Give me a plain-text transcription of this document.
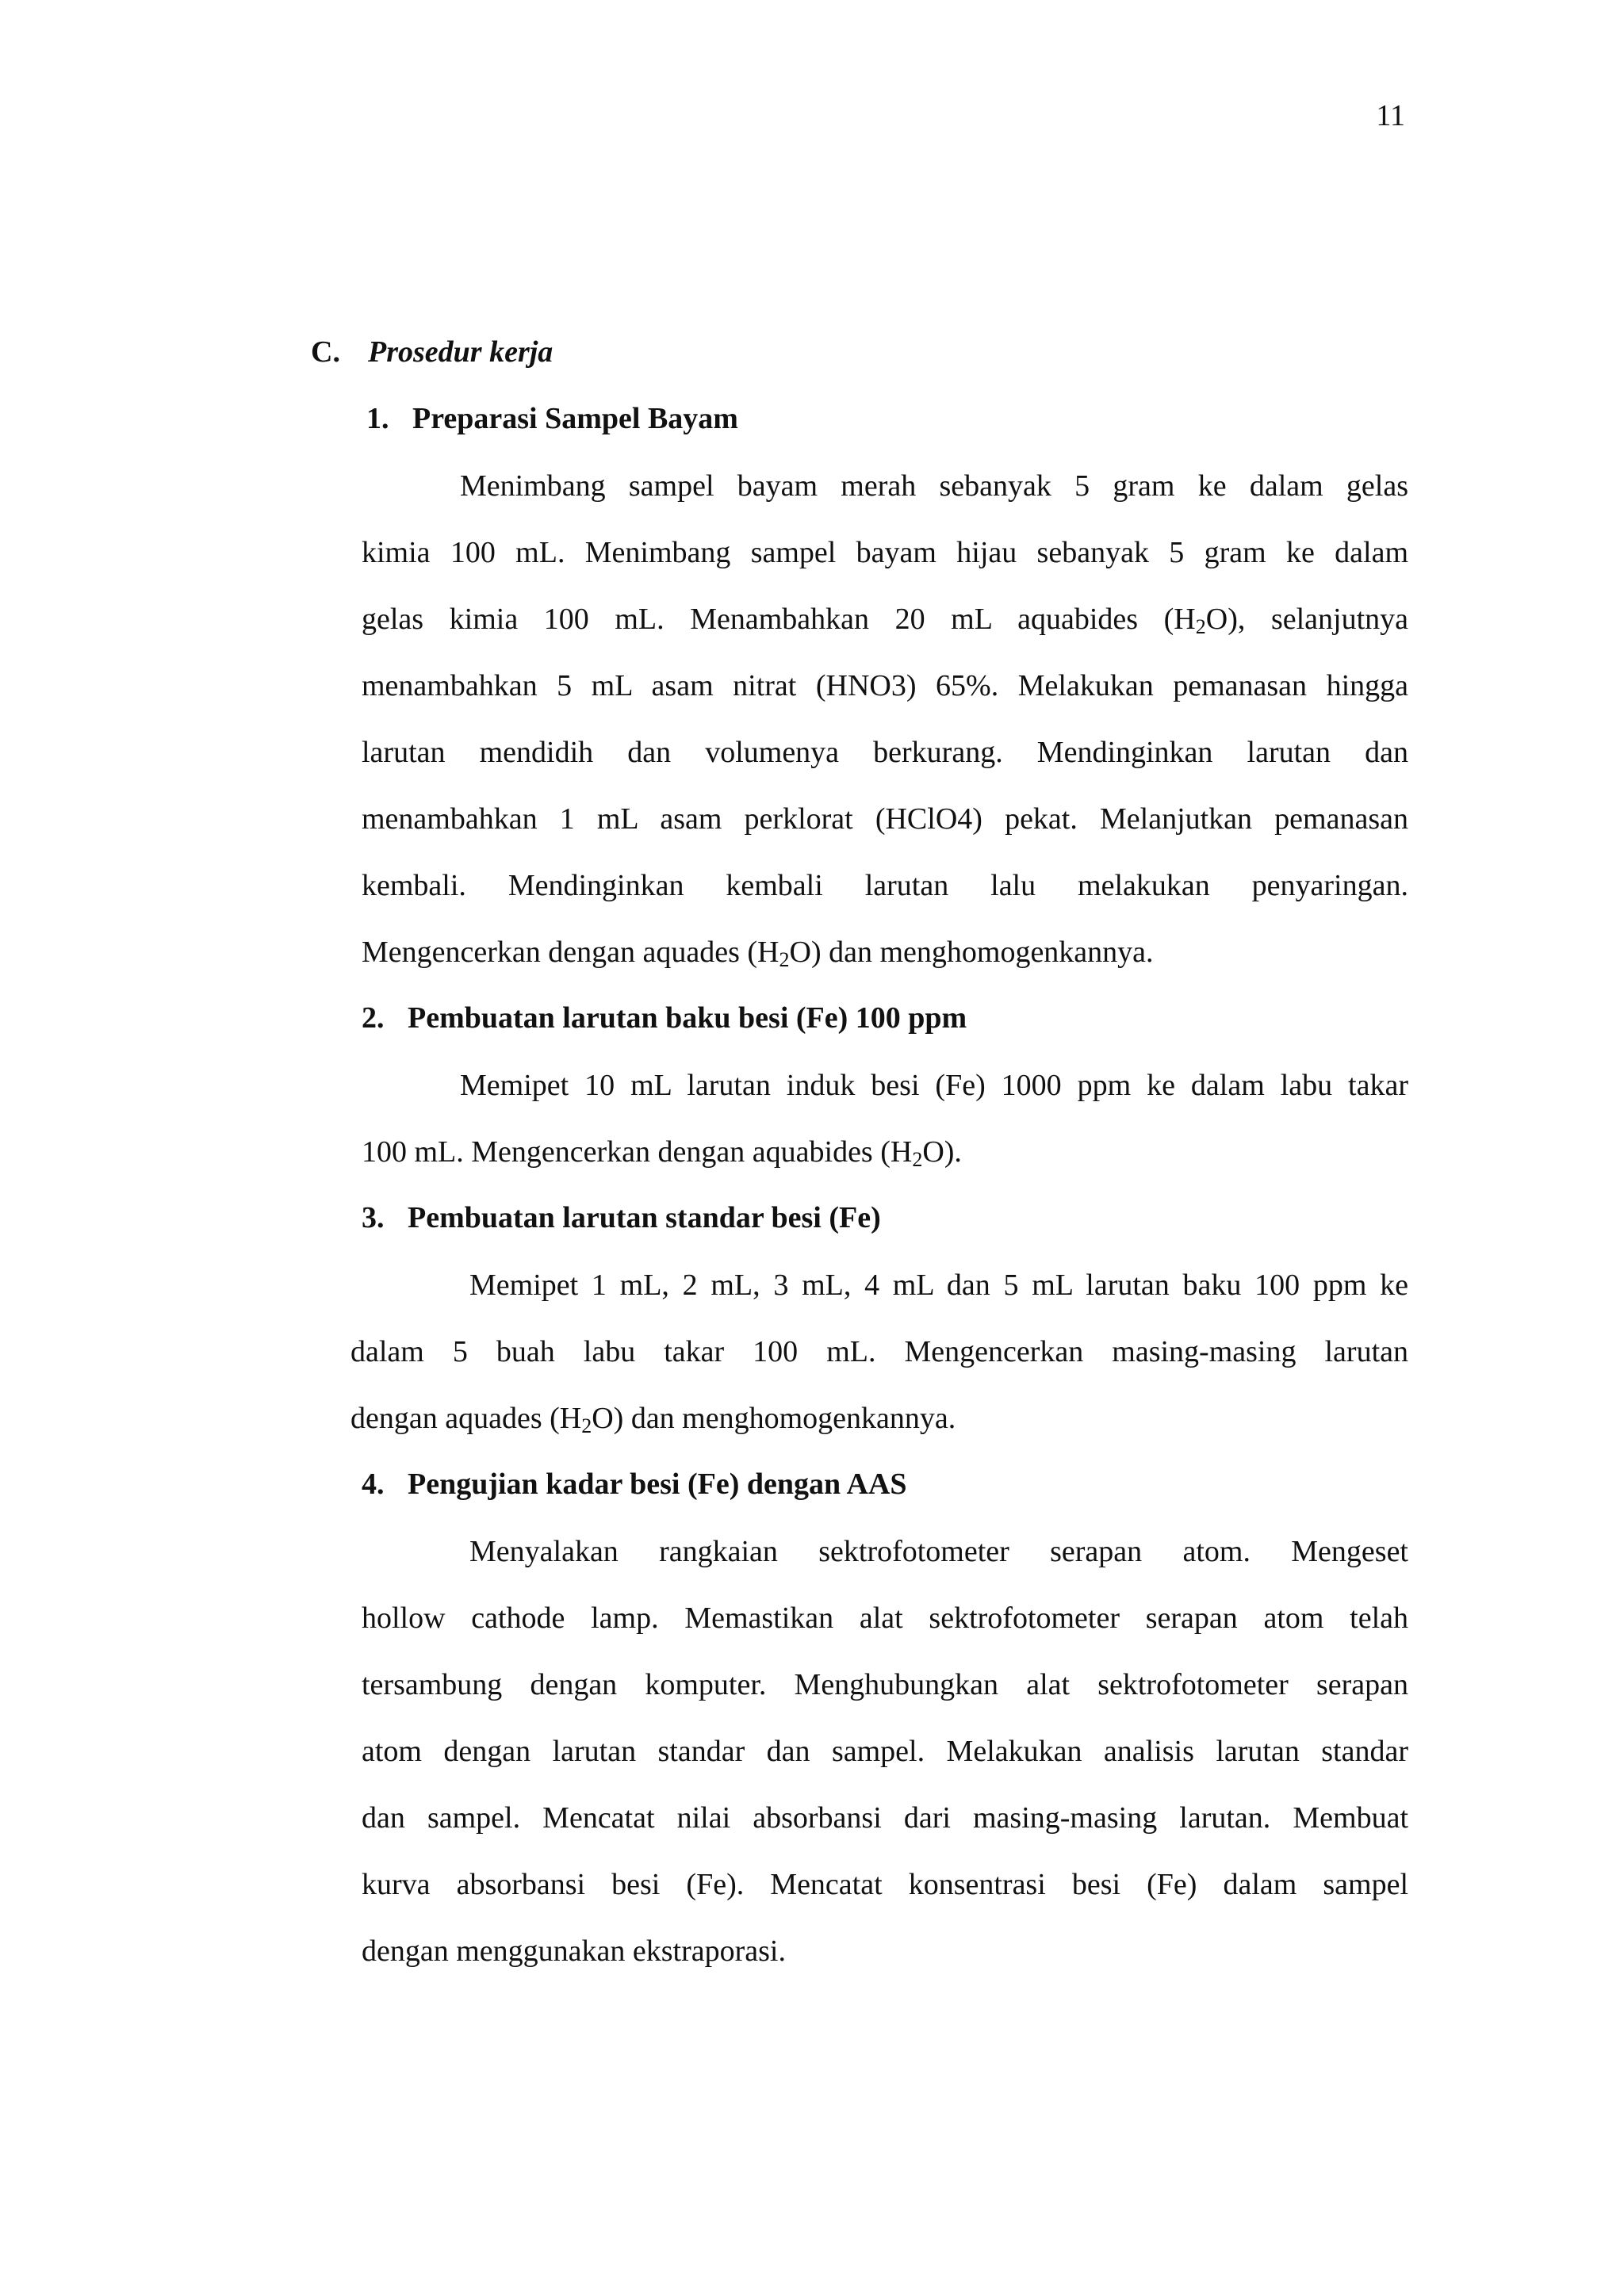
11
C. Prosedur kerja
1. Preparasi Sampel Bayam
Menimbang sampel bayam merah sebanyak 5 gram ke dalam gelas
kimia 100 mL. Menimbang sampel bayam hijau sebanyak 5 gram ke dalam
gelas kimia 100 mL. Menambahkan 20 mL aquabides $(H_2O)$, selanjutnya
menambahkan 5 mL asam nitrat (HNO3) 65%. Melakukan pemanasan hingga
larutan mendidih dan volumenya berkurang. Mendinginkan larutan dan
menambahkan 1 mL asam perklorat (HClO4) pekat. Melanjutkan pemanasan
kembali. Mendinginkan kembali larutan lalu melakukan penyaringan.
Mengencerkan dengan aquades $(H_2O)$ dan menghomogenkannya.
2. Pembuatan larutan baku besi (Fe) 100 ppm
Memipet 10 mL larutan induk besi (Fe) 1000 ppm ke dalam labu takar
100 mL. Mengencerkan dengan aquabides $(H_2O)$.
3. Pembuatan larutan standar besi (Fe)
Memipet 1 mL, 2 mL, 3 mL, 4 mL dan 5 mL larutan baku 100 ppm ke
dalam 5 buah labu takar 100 mL. Mengencerkan masing-masing larutan
dengan aquades $(H_2O)$ dan menghomogenkannya.
4. Pengujian kadar besi (Fe) dengan AAS
Menyalakan rangkaian sektrofotometer serapan atom. Mengeset
hollow cathode lamp. Memastikan alat sektrofotometer serapan atom telah
tersambung dengan komputer. Menghubungkan alat sektrofotometer serapan
atom dengan larutan standar dan sampel. Melakukan analisis larutan standar
dan sampel. Mencatat nilai absorbansi dari masing-masing larutan. Membuat
kurva absorbansi besi (Fe). Mencatat konsentrasi besi (Fe) dalam sampel
dengan menggunakan ekstraporasi.
